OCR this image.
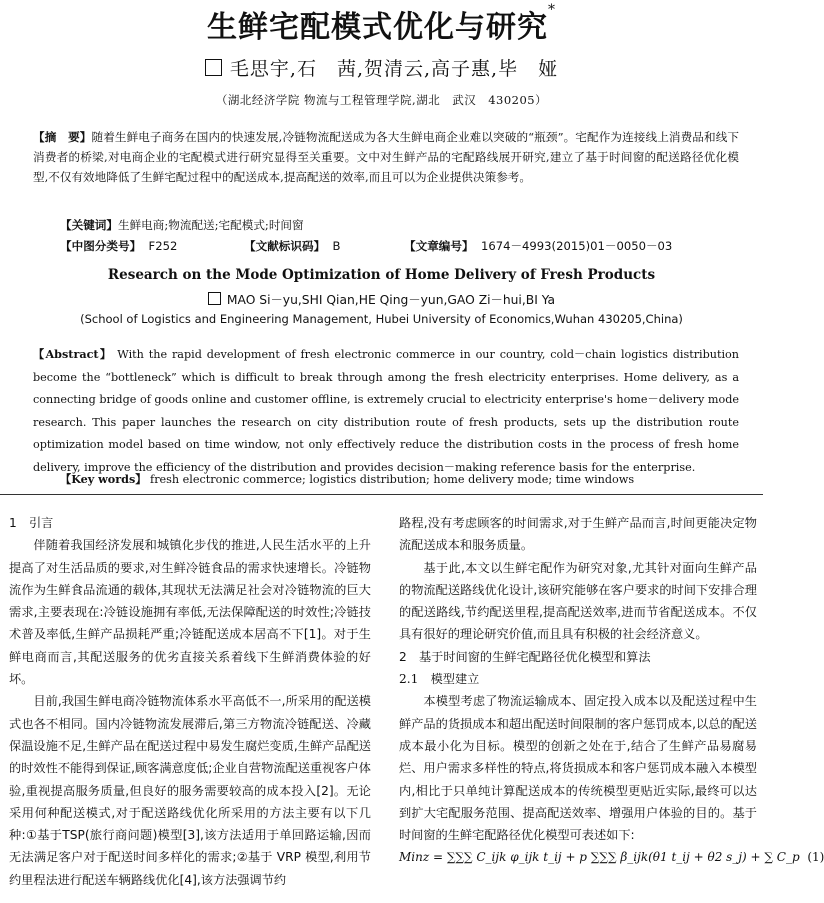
生鲜宅配模式优化与研究*
毛思宇,石　茜,贺清云,高子惠,毕　娅
（湖北经济学院 物流与工程管理学院,湖北　武汉　430205）
【摘　要】随着生鲜电子商务在国内的快速发展,冷链物流配送成为各大生鲜电商企业难以突破的“瓶颈”。宅配作为连接线上消费品和线下消费者的桥梁,对电商企业的宅配模式进行研究显得至关重要。文中对生鲜产品的宅配路线展开研究,建立了基于时间窗的配送路径优化模型,不仅有效地降低了生鲜宅配过程中的配送成本,提高配送的效率,而且可以为企业提供决策参考。
【关键词】生鲜电商;物流配送;宅配模式;时间窗
【中图分类号】 F252	【文献标识码】 B	【文章编号】 1674－4993(2015)01－0050－03
Research on the Mode Optimization of Home Delivery of Fresh Products
MAO Si－yu,SHI Qian,HE Qing－yun,GAO Zi－hui,BI Ya
(School of Logistics and Engineering Management, Hubei University of Economics,Wuhan 430205,China)
【Abstract】 With the rapid development of fresh electronic commerce in our country, cold－chain logistics distribution become the “bottleneck” which is difficult to break through among the fresh electricity enterprises. Home delivery, as a connecting bridge of goods online and customer offline, is extremely crucial to electricity enterprise's home－delivery mode research. This paper launches the research on city distribution route of fresh products, sets up the distribution route optimization model based on time window, not only effectively reduce the distribution costs in the process of fresh home delivery, improve the efficiency of the distribution and provides decision－making reference basis for the enterprise.
【Key words】 fresh electronic commerce; logistics distribution; home delivery mode; time windows

1　引言

伴随着我国经济发展和城镇化步伐的推进,人民生活水平的上升提高了对生活品质的要求,对生鲜冷链食品的需求快速增长。冷链物流作为生鲜食品流通的载体,其现状无法满足社会对冷链物流的巨大需求,主要表现在:冷链设施拥有率低,无法保障配送的时效性;冷链技术普及率低,生鲜产品损耗严重;冷链配送成本居高不下[1]。对于生鲜电商而言,其配送服务的优劣直接关系着线下生鲜消费体验的好坏。

目前,我国生鲜电商冷链物流体系水平高低不一,所采用的配送模式也各不相同。国内冷链物流发展滞后,第三方物流冷链配送、冷藏保温设施不足,生鲜产品在配送过程中易发生腐烂变质,生鲜产品配送的时效性不能得到保证,顾客满意度低;企业自营物流配送重视客户体验,重视提高服务质量,但良好的服务需要较高的成本投入[2]。无论采用何种配送模式,对于配送路线优化所采用的方法主要有以下几种:①基于TSP(旅行商问题)模型[3],该方法适用于单回路运输,因而无法满足客户对于配送时间多样化的需求;②基于 VRP 模型,利用节约里程法进行配送车辆路线优化[4],该方法强调节约

路程,没有考虑顾客的时间需求,对于生鲜产品而言,时间更能决定物流配送成本和服务质量。

基于此,本文以生鲜宅配作为研究对象,尤其针对面向生鲜产品的物流配送路线优化设计,该研究能够在客户要求的时间下安排合理的配送路线,节约配送里程,提高配送效率,进而节省配送成本。不仅具有很好的理论研究价值,而且具有积极的社会经济意义。

2　基于时间窗的生鲜宅配路径优化模型和算法

2.1　模型建立

本模型考虑了物流运输成本、固定投入成本以及配送过程中生鲜产品的货损成本和超出配送时间限制的客户惩罚成本,以总的配送成本最小化为目标。模型的创新之处在于,结合了生鲜产品易腐易烂、用户需求多样性的特点,将货损成本和客户惩罚成本融入本模型内,相比于只单纯计算配送成本的传统模型更贴近实际,最终可以达到扩大宅配服务范围、提高配送效率、增强用户体验的目的。基于时间窗的生鲜宅配路径优化模型可表述如下:

Minz = ∑∑∑ C_ijk φ_ijk t_ij + p ∑∑∑ β_ijk(θ1 t_ij + θ2 s_j) + ∑ C_p (1)
